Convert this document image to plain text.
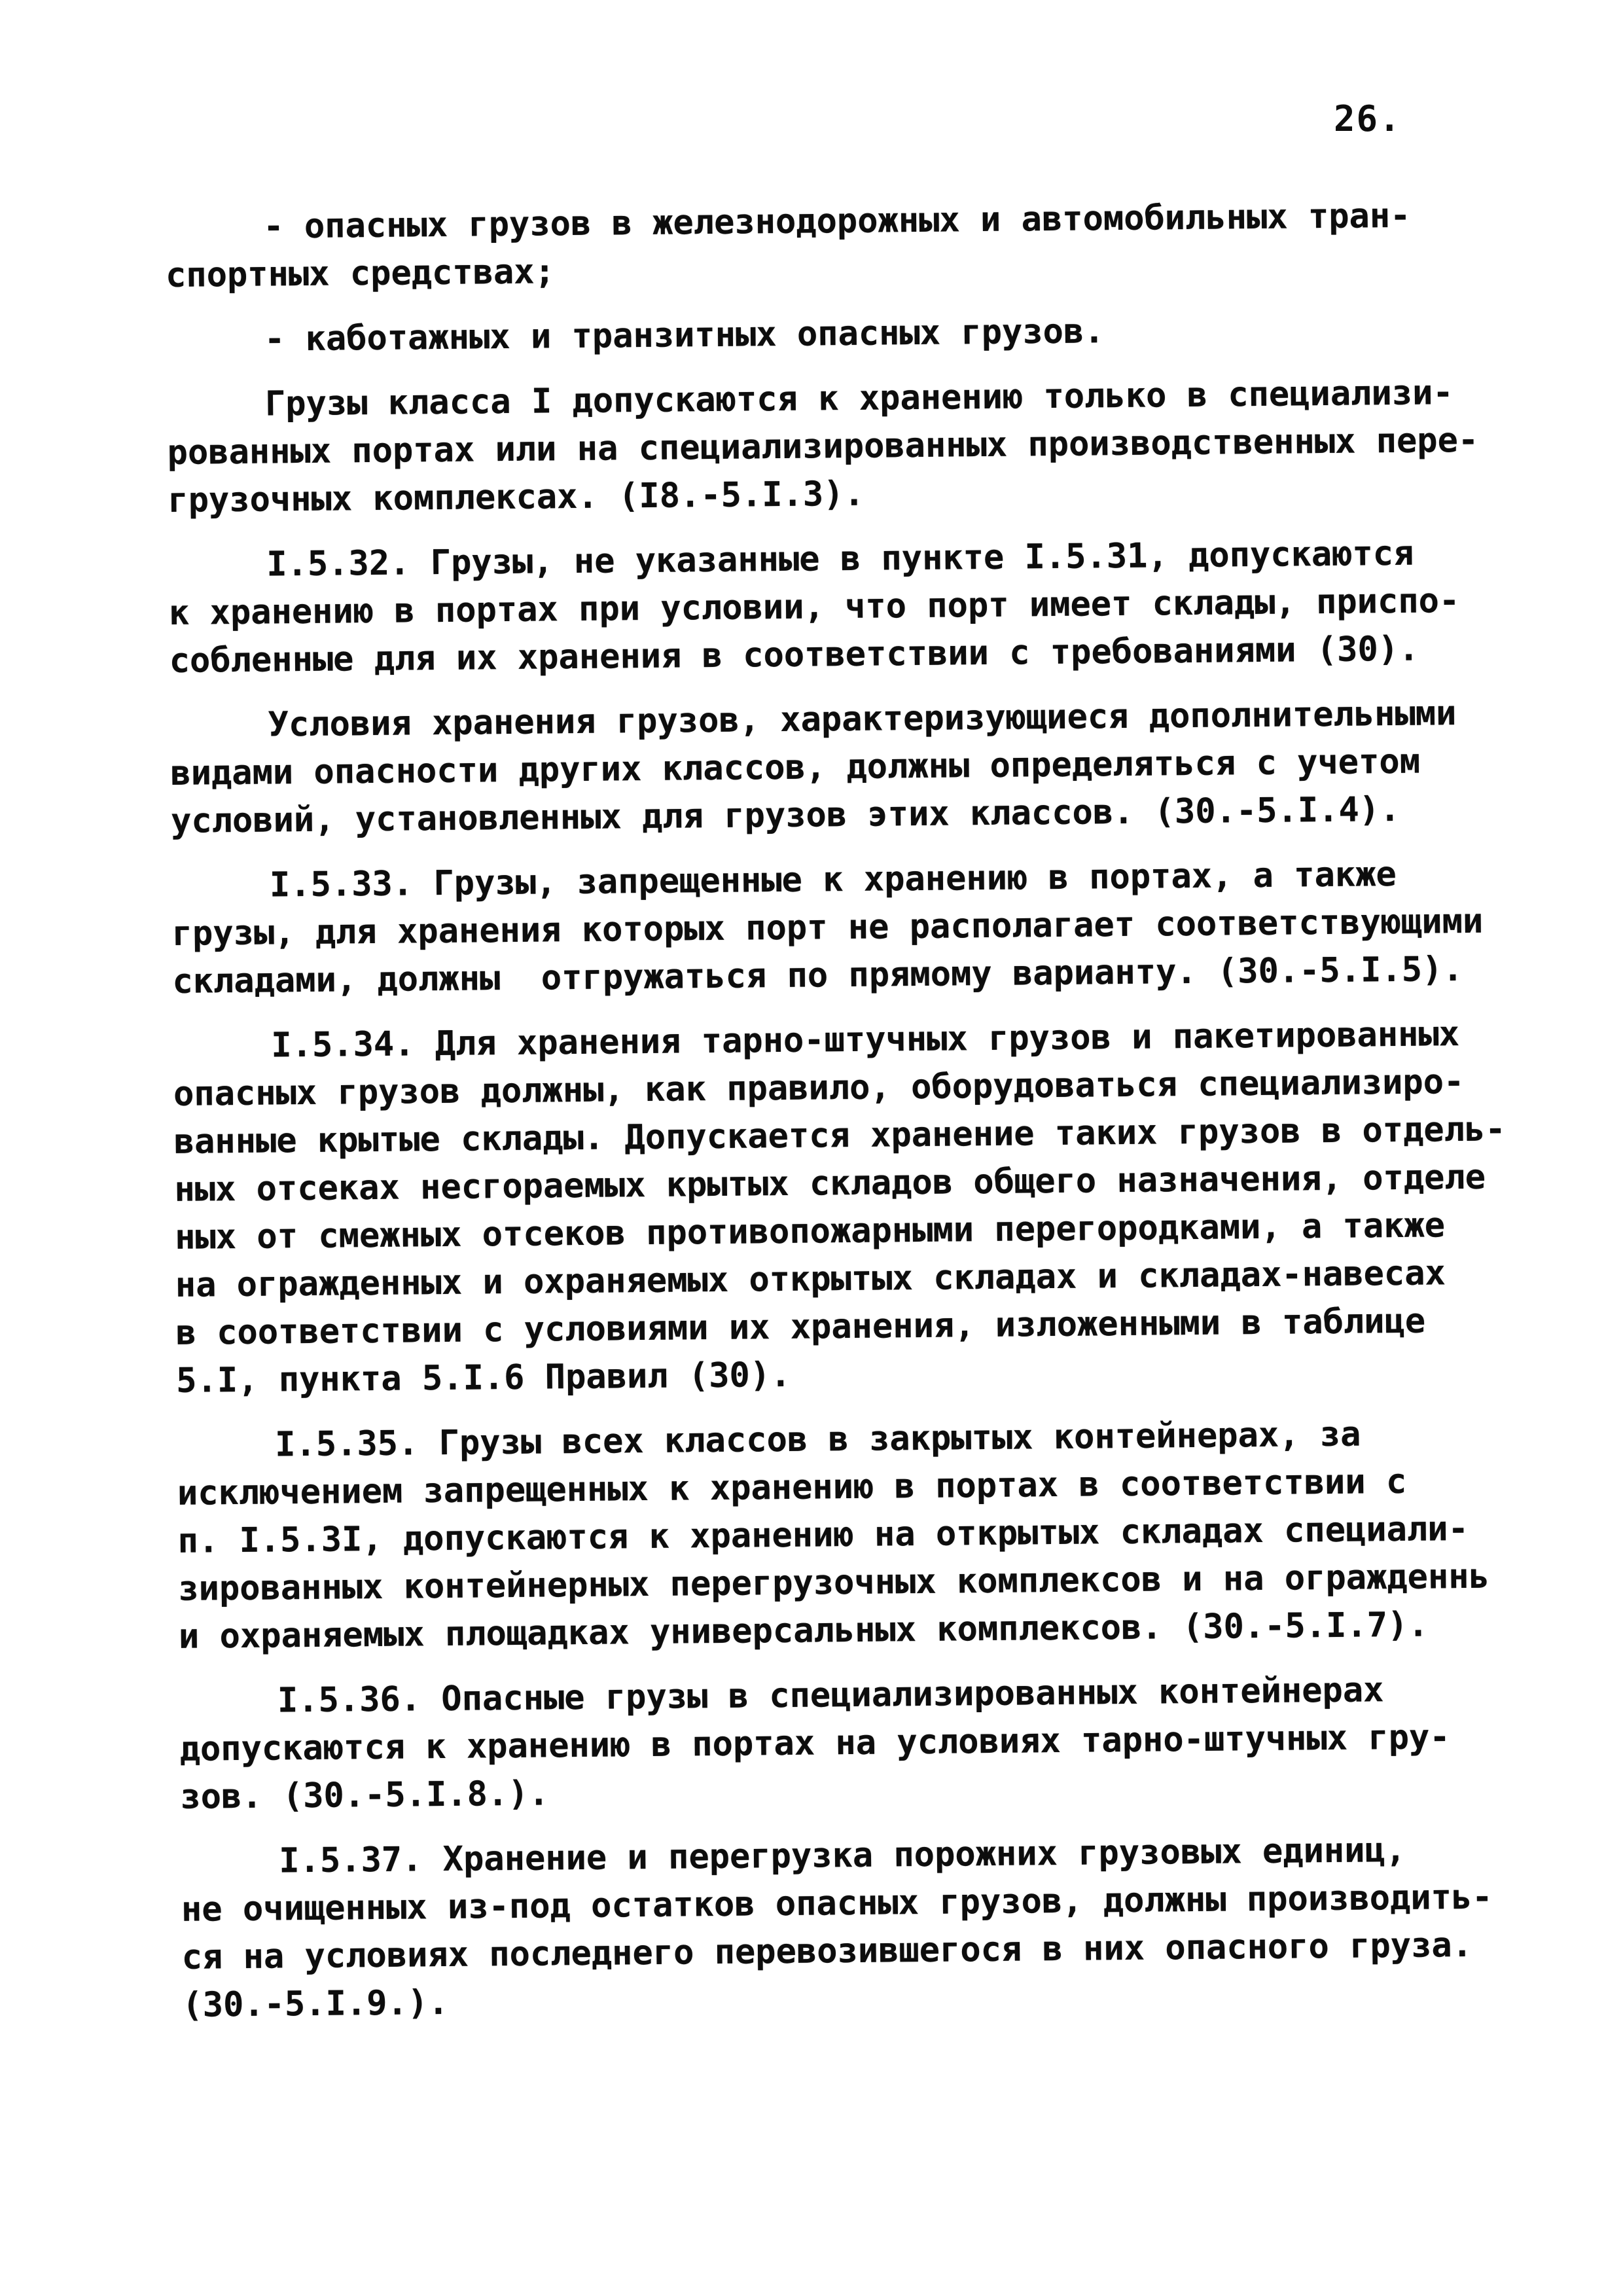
26.
- опасных грузов в железнодорожных и автомобильных тран-
спортных средствах;
- каботажных и транзитных опасных грузов.
Грузы класса I допускаются к хранению только в специализи-
рованных портах или на специализированных производственных пере-
грузочных комплексах. (I8.-5.I.3).
I.5.32. Грузы, не указанные в пункте I.5.31, допускаются
к хранению в портах при условии, что порт имеет склады, приспо-
собленные для их хранения в соответствии с требованиями (30).
Условия хранения грузов, характеризующиеся дополнительными
видами опасности других классов, должны определяться с учетом
условий, установленных для грузов этих классов. (30.-5.I.4).
I.5.33. Грузы, запрещенные к хранению в портах, а также
грузы, для хранения которых порт не располагает соответствующими
складами, должны  отгружаться по прямому варианту. (30.-5.I.5).
I.5.34. Для хранения тарно-штучных грузов и пакетированных
опасных грузов должны, как правило, оборудоваться специализиро-
ванные крытые склады. Допускается хранение таких грузов в отдель-
ных отсеках несгораемых крытых складов общего назначения, отделе
ных от смежных отсеков противопожарными перегородками, а также
на огражденных и охраняемых открытых складах и складах-навесах
в соответствии с условиями их хранения, изложенными в таблице
5.I, пункта 5.I.6 Правил (30).
I.5.35. Грузы всех классов в закрытых контейнерах, за
исключением запрещенных к хранению в портах в соответствии с
п. I.5.3I, допускаются к хранению на открытых складах специали-
зированных контейнерных перегрузочных комплексов и на огражденнь
и охраняемых площадках универсальных комплексов. (30.-5.I.7).
I.5.36. Опасные грузы в специализированных контейнерах
допускаются к хранению в портах на условиях тарно-штучных гру-
зов. (30.-5.I.8.).
I.5.37. Хранение и перегрузка порожних грузовых единиц,
не очищенных из-под остатков опасных грузов, должны производить-
ся на условиях последнего перевозившегося в них опасного груза.
(30.-5.I.9.).
